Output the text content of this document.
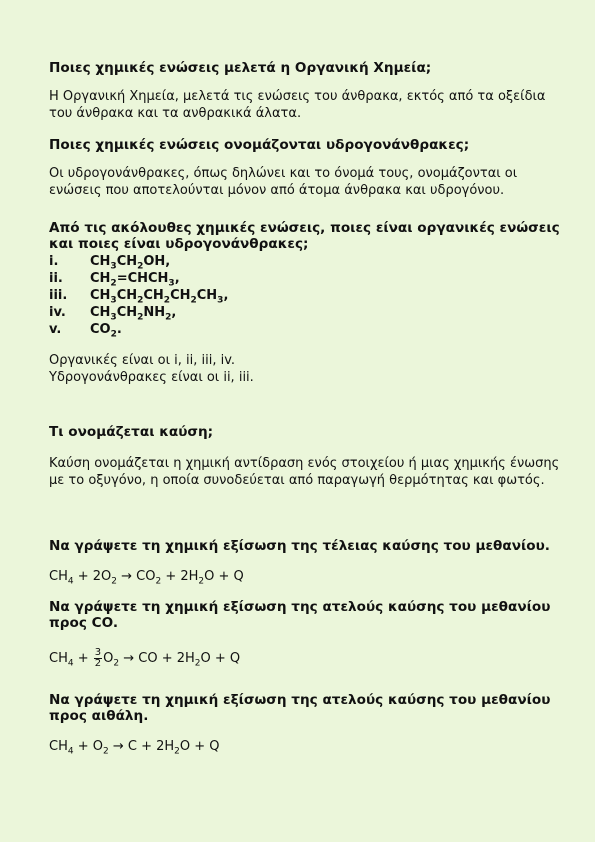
Ποιες χημικές ενώσεις μελετά η Οργανική Χημεία;

Η Οργανική Χημεία, μελετά τις ενώσεις του άνθρακα, εκτός από τα οξείδια του άνθρακα και τα ανθρακικά άλατα.

Ποιες χημικές ενώσεις ονομάζονται υδρογονάνθρακες;

Οι υδρογονάνθρακες, όπως δηλώνει και το όνομά τους, ονομάζονται οι ενώσεις που αποτελούνται μόνον από άτομα άνθρακα και υδρογόνου.

Από τις ακόλουθες χημικές ενώσεις, ποιες είναι οργανικές ενώσεις και ποιες είναι υδρογονάνθρακες;

i.	$CH_3CH_2OH$,
ii.	$CH_2=CHCH_3$,
iii.	$CH_3CH_2CH_2CH_2CH_3$,
iv.	$CH_3CH_2NH_2$,
v.	$CO_2$.
Οργανικές είναι οι i, ii, iii, iv.
Υδρογονάνθρακες είναι οι ii, iii.

Τι ονομάζεται καύση;

Καύση ονομάζεται η χημική αντίδραση ενός στοιχείου ή μιας χημικής ένωσης με το οξυγόνο, η οποία συνοδεύεται από παραγωγή θερμότητας και φωτός.

Να γράψετε τη χημική εξίσωση της τέλειας καύσης του μεθανίου.

$CH_4 + 2O_2 \to CO_2 + 2H_2O + Q$

Να γράψετε τη χημική εξίσωση της ατελούς καύσης του μεθανίου προς CO.

$CH_4 + \frac{3}{2} O_2$ → CO + $2H_2O + Q$

Να γράψετε τη χημική εξίσωση της ατελούς καύσης του μεθανίου προς αιθάλη.

$CH_4 + O_2 \to C + 2H_2O + Q$
